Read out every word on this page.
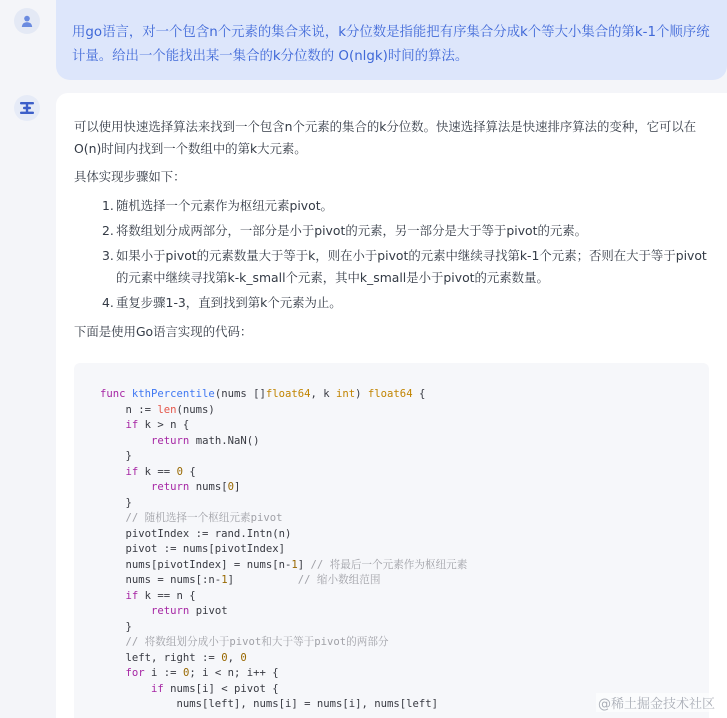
用go语言，对一个包含n个元素的集合来说，k分位数是指能把有序集合分成k个等大小集合的第k-1个顺序统计量。给出一个能找出某一集合的k分位数的 O(nlgk)时间的算法。

可以使用快速选择算法来找到一个包含n个元素的集合的k分位数。快速选择算法是快速排序算法的变种，它可以在O(n)时间内找到一个数组中的第k大元素。

具体实现步骤如下：

1. 随机选择一个元素作为枢纽元素pivot。
2. 将数组划分成两部分，一部分是小于pivot的元素，另一部分是大于等于pivot的元素。
3. 如果小于pivot的元素数量大于等于k，则在小于pivot的元素中继续寻找第k-1个元素；否则在大于等于pivot的元素中继续寻找第k-k_small个元素，其中k_small是小于pivot的元素数量。
4. 重复步骤1-3，直到找到第k个元素为止。

下面是使用Go语言实现的代码：

func kthPercentile(nums []float64, k int) float64 {
n := len(nums)
if k > n {
return math.NaN()
}
if k == 0 {
return nums[0]
}
// 随机选择一个枢纽元素pivot
pivotIndex := rand.Intn(n)
pivot := nums[pivotIndex]
nums[pivotIndex] = nums[n-1] // 将最后一个元素作为枢纽元素
nums = nums[:n-1]          // 缩小数组范围
if k == n {
return pivot
}
// 将数组划分成小于pivot和大于等于pivot的两部分
left, right := 0, 0
for i := 0; i < n; i++ {
if nums[i] < pivot {
nums[left], nums[i] = nums[i], nums[left]	@稀土掘金技术社区
